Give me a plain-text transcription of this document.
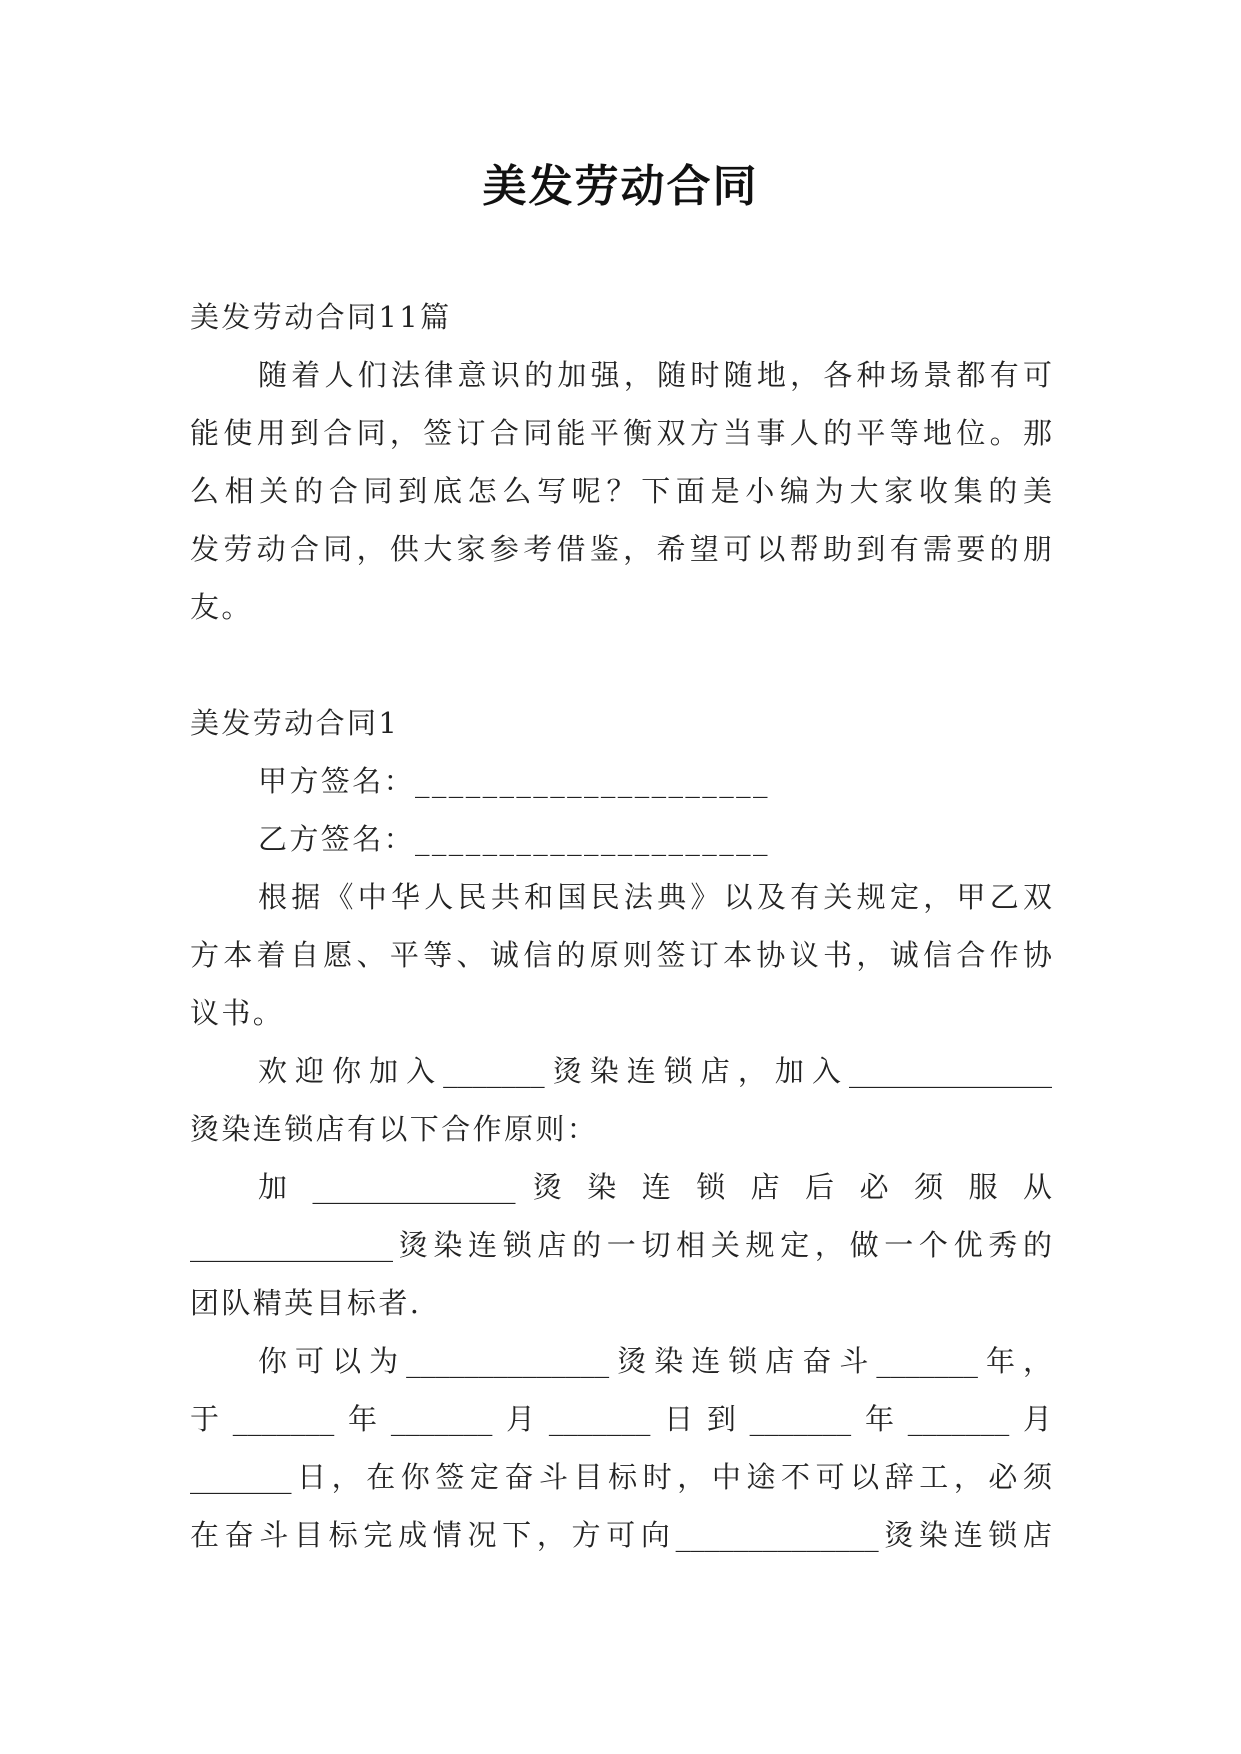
美发劳动合同
美发劳动合同11篇
随着人们法律意识的加强，随时随地，各种场景都有可
能使用到合同，签订合同能平衡双方当事人的平等地位。那
么相关的合同到底怎么写呢？下面是小编为大家收集的美
发劳动合同，供大家参考借鉴，希望可以帮助到有需要的朋
友。
美发劳动合同1
甲方签名：_____________________
乙方签名：_____________________
根据《中华人民共和国民法典》以及有关规定，甲乙双
方本着自愿、平等、诚信的原则签订本协议书，诚信合作协
议书。
欢迎你加入_______烫染连锁店，加入______________
烫染连锁店有以下合作原则：
加 ______________ 烫 染 连 锁 店 后 必 须 服 从
______________烫染连锁店的一切相关规定，做一个优秀的
团队精英目标者.
你可以为______________烫染连锁店奋斗_______年，
于_______年_______月_______日到_______年_______月
_______日，在你签定奋斗目标时，中途不可以辞工，必须
在奋斗目标完成情况下，方可向______________烫染连锁店
